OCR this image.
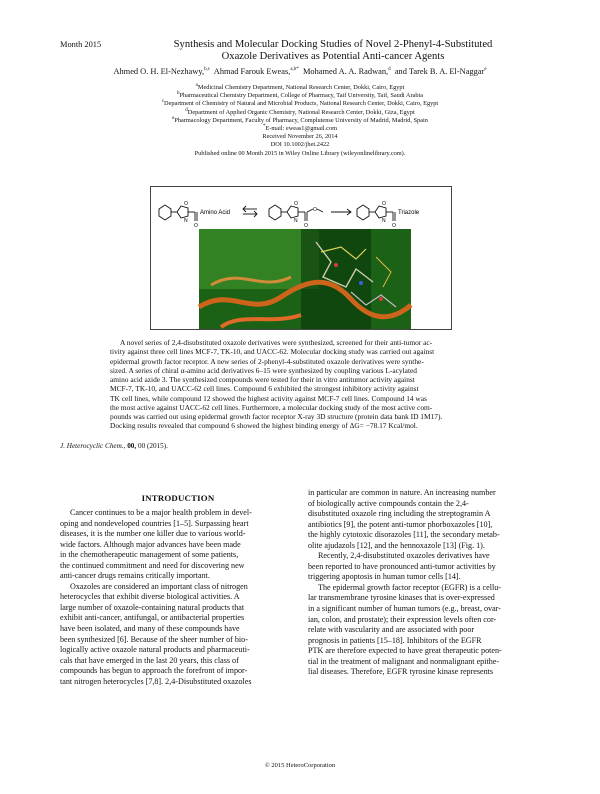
Month 2015	Synthesis and Molecular Docking Studies of Novel 2-Phenyl-4-Substituted
Oxazole Derivatives as Potential Anti-cancer Agents
Ahmed O. H. El-Nezhawy,$^{b,c}$ Ahmad Farouk Eweas,$^{a,b*}$ Mohamed A. A. Radwan,$^d$ and Tarek B. A. El-Naggar$^e$
$^a$Medicinal Chemistry Department, National Research Center, Dokki, Cairo, Egypt
$^b$Pharmaceutical Chemistry Department, College of Pharmacy, Taif University, Taif, Saudi Arabia
$^c$Department of Chemistry of Natural and Microbial Products, National Research Center, Dokki, Cairo, Egypt
$^d$Department of Applied Organic Chemistry, National Research Center, Dokki, Giza, Egypt
$^e$Pharmacology Department, Faculty of Pharmacy, Complutense University of Madrid, Madrid, Spain
*E-mail: eweas1@gmail.com
Received November 26, 2014
DOI 10.1002/jhet.2422
Published online 00 Month 2015 in Wiley Online Library (wileyonlinelibrary.com).
O
N
O
Amino Acid
O
N
O
O
O
N
O
Triazole
A novel series of 2,4-disubstituted oxazole derivatives were synthesized, screened for their anti-tumor ac-
tivity against three cell lines MCF-7, TK-10, and UACC-62. Molecular docking study was carried out against
epidermal growth factor receptor. A new series of 2-phenyl-4-substituted oxazole derivatives were synthe-
sized. A series of chiral α-amino acid derivatives 6–15 were synthesized by coupling various L-acylated
amino acid azide 3. The synthesized compounds were tested for their in vitro antitumor activity against
MCF-7, TK-10, and UACC-62 cell lines. Compound 6 exhibited the strongest inhibitory activity against
TK cell lines, while compound 12 showed the highest activity against MCF-7 cell lines. Compound 14 was
the most active against UACC-62 cell lines. Furthermore, a molecular docking study of the most active com-
pounds was carried out using epidermal growth factor receptor X-ray 3D structure (protein data bank ID 1M17).
Docking results revealed that compound 6 showed the highest binding energy of ΔG= −78.17 Kcal/mol.
J. Heterocyclic Chem., 00, 00 (2015).
INTRODUCTION
Cancer continues to be a major health problem in devel-
oping and nondeveloped countries [1–5]. Surpassing heart
diseases, it is the number one killer due to various world-
wide factors. Although major advances have been made
in the chemotherapeutic management of some patients,
the continued commitment and need for discovering new
anti-cancer drugs remains critically important.
Oxazoles are considered an important class of nitrogen
heterocycles that exhibit diverse biological activities. A
large number of oxazole-containing natural products that
exhibit anti-cancer, antifungal, or antibacterial properties
have been isolated, and many of these compounds have
been synthesized [6]. Because of the sheer number of bio-
logically active oxazole natural products and pharmaceuti-
cals that have emerged in the last 20 years, this class of
compounds has begun to approach the forefront of impor-
tant nitrogen heterocycles [7,8]. 2,4-Disubstituted oxazoles
in particular are common in nature. An increasing number
of biologically active compounds contain the 2,4-
disubstituted oxazole ring including the streptogramin A
antibiotics [9], the potent anti-tumor phorboxazoles [10],
the highly cytotoxic disorazoles [11], the secondary metab-
olite ajudazols [12], and the hennoxazole [13] (Fig. 1).
Recently, 2,4-disubstituted oxazoles derivatives have
been reported to have pronounced anti-tumor activities by
triggering apoptosis in human tumor cells [14].
The epidermal growth factor receptor (EGFR) is a cellu-
lar transmembrane tyrosine kinases that is over-expressed
in a significant number of human tumors (e.g., breast, ovar-
ian, colon, and prostate); their expression levels often cor-
relate with vascularity and are associated with poor
prognosis in patients [15–18]. Inhibitors of the EGFR
PTK are therefore expected to have great therapeutic poten-
tial in the treatment of malignant and nonmalignant epithe-
lial diseases. Therefore, EGFR tyrosine kinase represents
© 2015 HeteroCorporation
